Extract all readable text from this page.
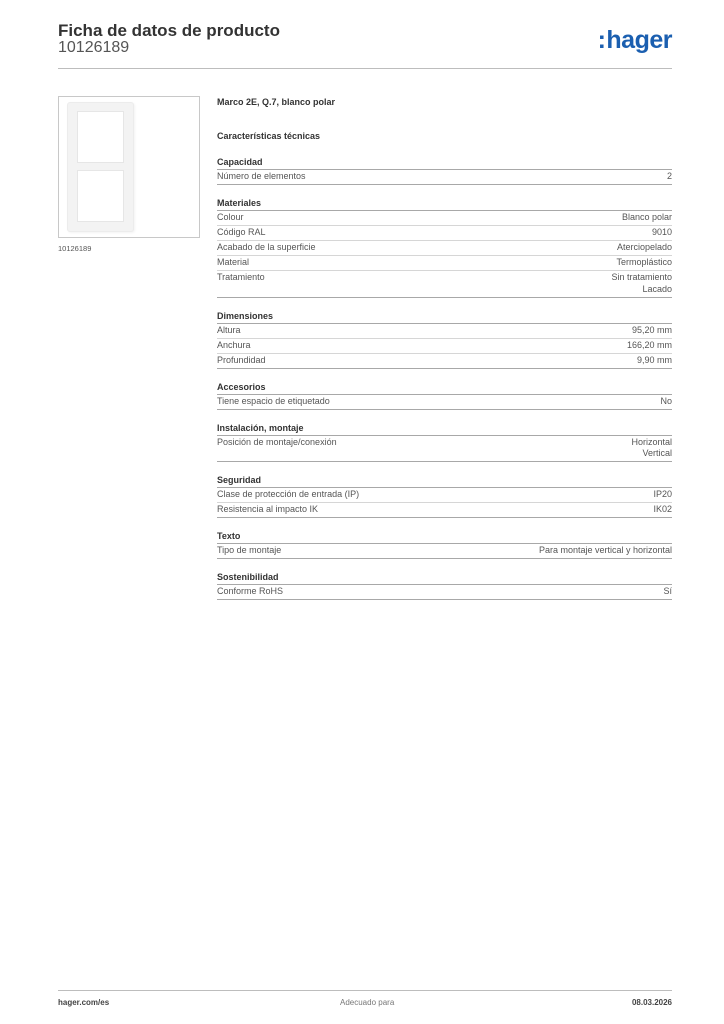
Ficha de datos de producto
10126189	:hager
10126189
Marco 2E, Q.7, blanco polar
Características técnicas
Capacidad
Número de elementos	2
Materiales
Colour	Blanco polar
Código RAL	9010
Acabado de la superficie	Aterciopelado
Material	Termoplástico
Tratamiento	Sin tratamiento
Lacado
Dimensiones
Altura	95,20 mm
Anchura	166,20 mm
Profundidad	9,90 mm
Accesorios
Tiene espacio de etiquetado	No
Instalación, montaje
Posición de montaje/conexión	Horizontal
Vertical
Seguridad
Clase de protección de entrada (IP)	IP20
Resistencia al impacto IK	IK02
Texto
Tipo de montaje	Para montaje vertical y horizontal
Sostenibilidad
Conforme RoHS	Sí
hager.com/es	Adecuado para	08.03.2026
